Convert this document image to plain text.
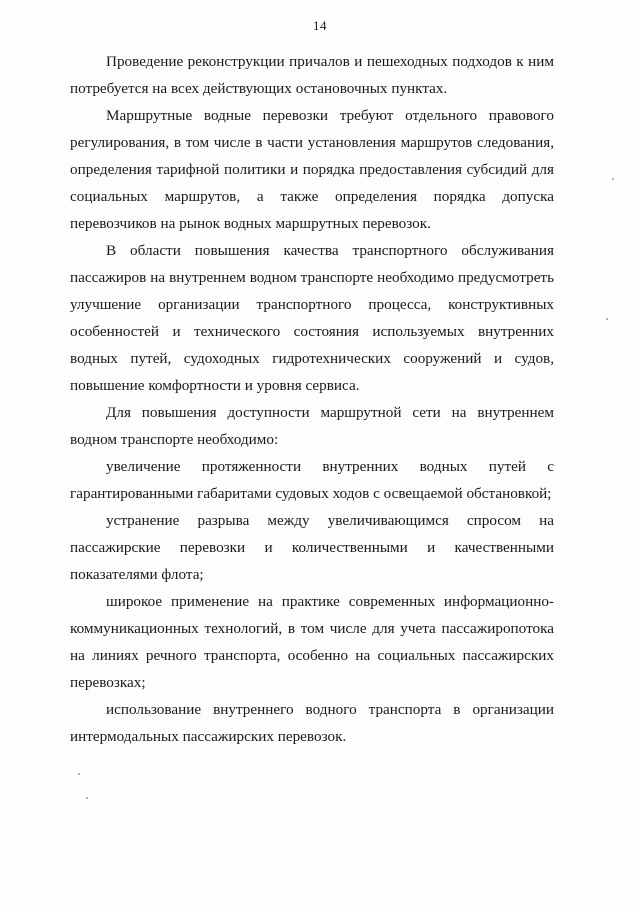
14

Проведение реконструкции причалов и пешеходных подходов к ним потребуется на всех действующих остановочных пунктах.

Маршрутные водные перевозки требуют отдельного правового регулирования, в том числе в части установления маршрутов следования, определения тарифной политики и порядка предоставления субсидий для социальных маршрутов, а также определения порядка допуска перевозчиков на рынок водных маршрутных перевозок.

В области повышения качества транспортного обслуживания пассажиров на внутреннем водном транспорте необходимо предусмотреть улучшение организации транспортного процесса, конструктивных особенностей и технического состояния используемых внутренних водных путей, судоходных гидротехнических сооружений и судов, повышение комфортности и уровня сервиса.

Для повышения доступности маршрутной сети на внутреннем водном транспорте необходимо:

увеличение протяженности внутренних водных путей с гарантированными габаритами судовых ходов с освещаемой обстановкой;

устранение разрыва между увеличивающимся спросом на пассажирские перевозки и количественными и качественными показателями флота;

широкое применение на практике современных информационно-коммуникационных технологий, в том числе для учета пассажиропотока на линиях речного транспорта, особенно на социальных пассажирских перевозках;

использование внутреннего водного транспорта в организации интермодальных пассажирских перевозок.
